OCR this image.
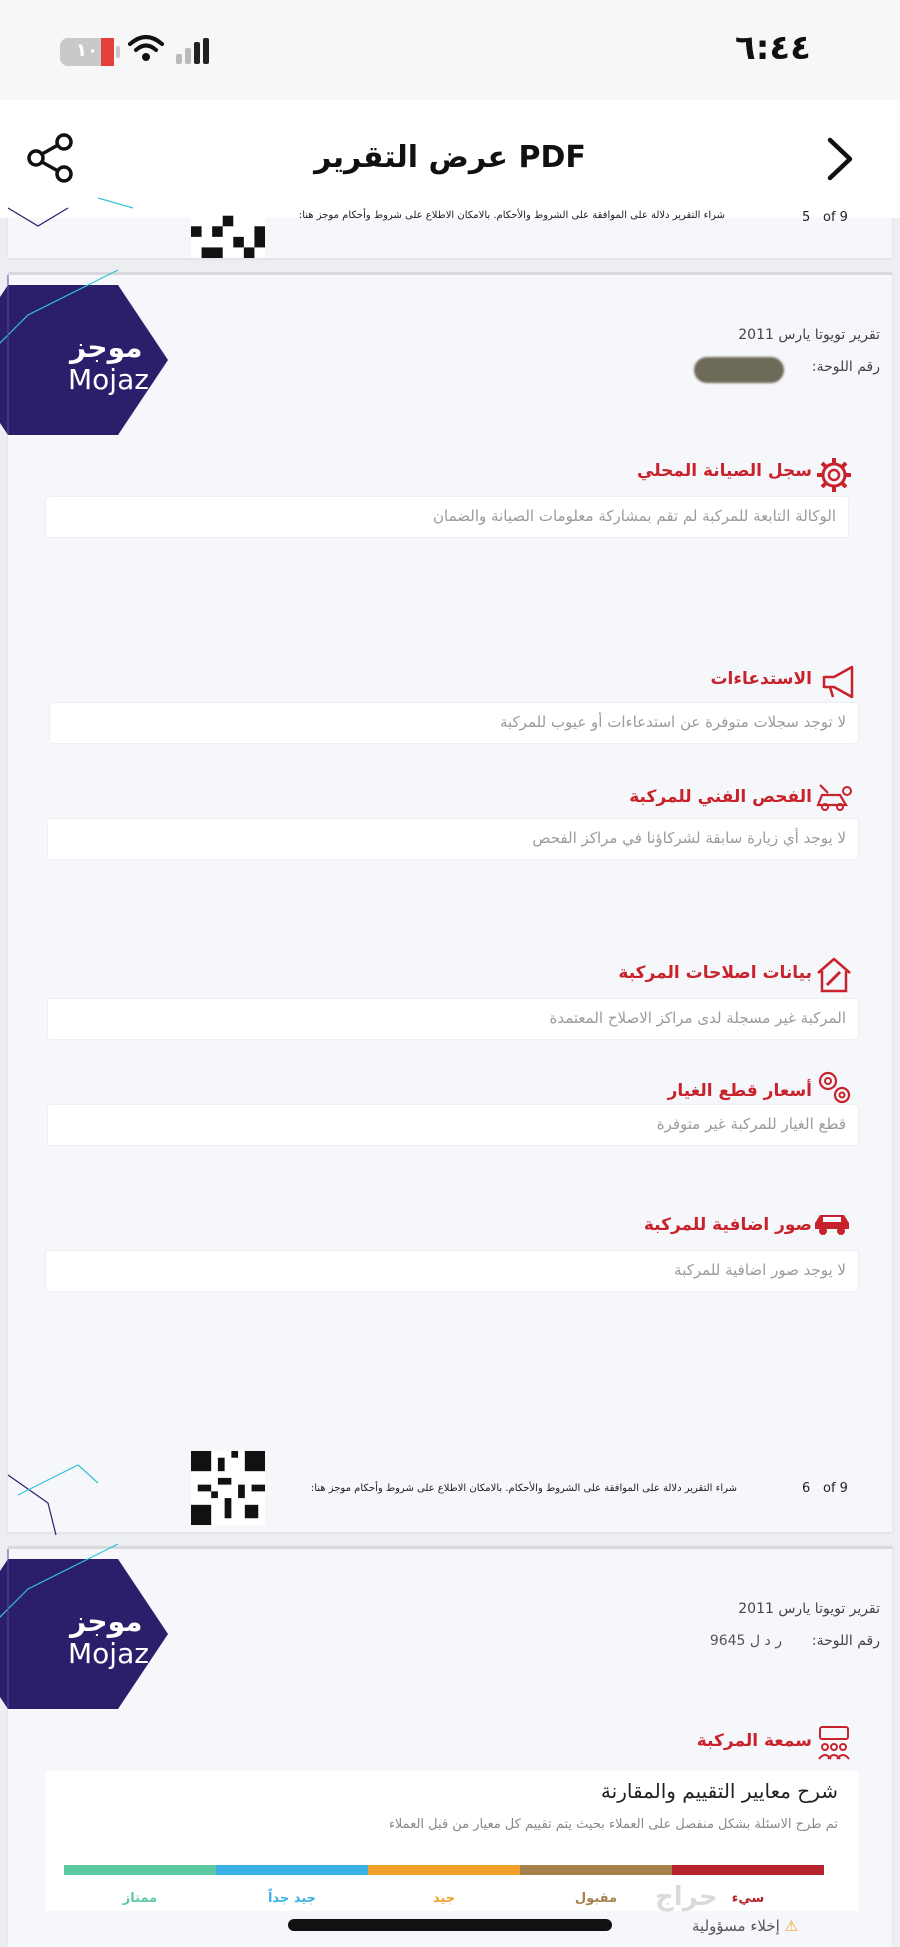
٦:٤٤
١٠
عرض التقرير PDF
شراء التقرير دلالة على الموافقة على الشروط والأحكام. بالامكان الاطلاع على شروط وأحكام موجز هنا:	5 of 9
موجز
Mojaz
تقرير تويوتا يارس 2011
رقم اللوحة:
سجل الصيانة المحلي
الوكالة التابعة للمركبة لم تقم بمشاركة معلومات الصيانة والضمان
الاستدعاءات
لا توجد سجلات متوفرة عن استدعاءات أو عيوب للمركبة
الفحص الفني للمركبة
لا يوجد أي زيارة سابقة لشركاؤنا في مراكز الفحص
بيانات اصلاحات المركبة
المركبة غير مسجلة لدى مراكز الاصلاح المعتمدة
أسعار قطع الغيار
قطع الغيار للمركبة غير متوفرة
صور اضافية للمركبة
لا يوجد صور اضافية للمركبة
شراء التقرير دلالة على الموافقة على الشروط والأحكام. بالامكان الاطلاع على شروط وأحكام موجز هنا:	6 of 9
موجز
Mojaz
تقرير تويوتا يارس 2011
رقم اللوحة:
ر د ل 9645
سمعة المركبة
شرح معايير التقييم والمقارنة
تم طرح الاسئلة بشكل منفصل على العملاء بحيث يتم تقييم كل معيار من قبل العملاء
سيء
مقبول
جيد
جيد جداً
ممتاز
⚠ إخلاء مسؤولية
حراج
